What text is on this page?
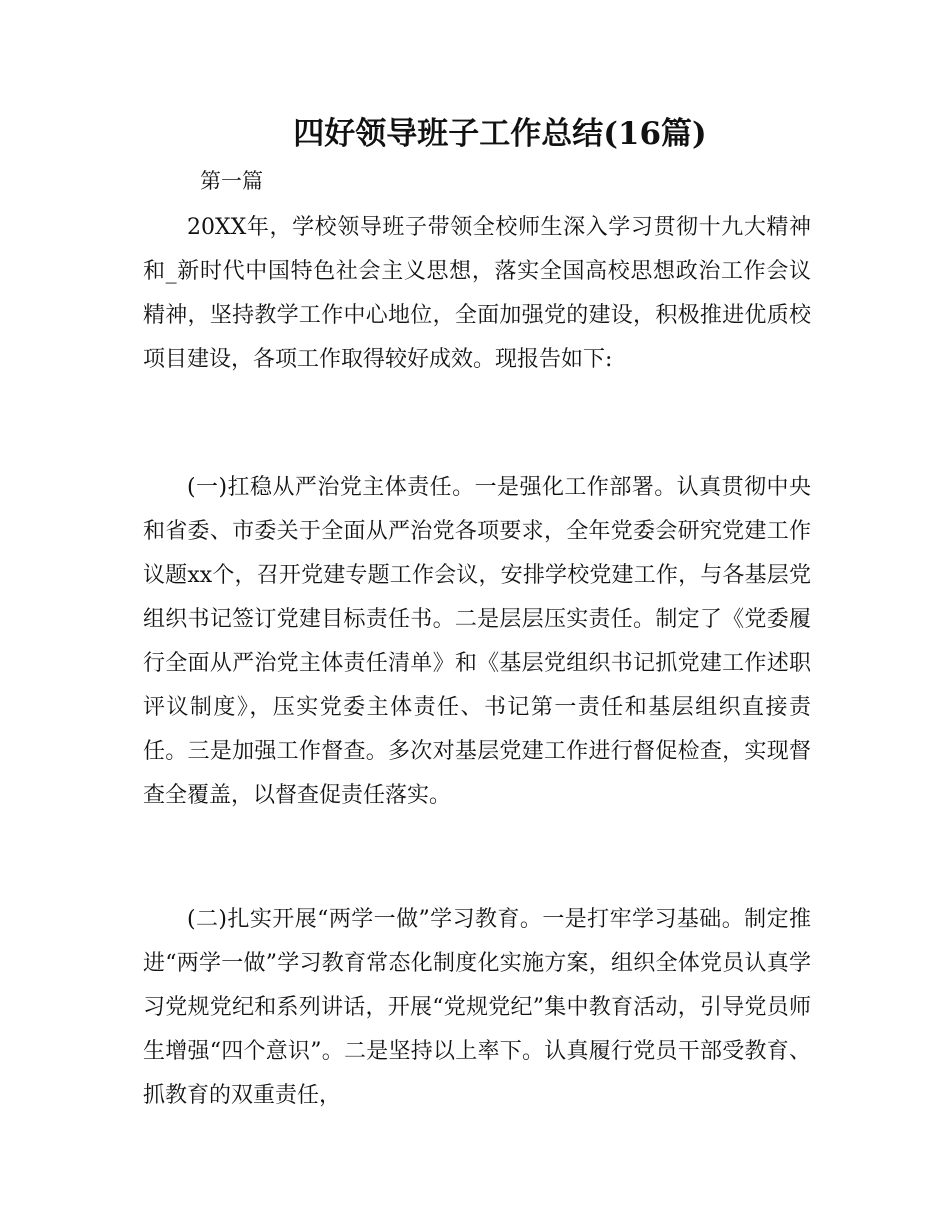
四好领导班子工作总结(16篇)

第一篇

20XX年，学校领导班子带领全校师生深入学习贯彻十九大精神和_新时代中国特色社会主义思想，落实全国高校思想政治工作会议精神，坚持教学工作中心地位，全面加强党的建设，积极推进优质校项目建设，各项工作取得较好成效。现报告如下:

(一)扛稳从严治党主体责任。一是强化工作部署。认真贯彻中央和省委、市委关于全面从严治党各项要求，全年党委会研究党建工作议题xx个，召开党建专题工作会议，安排学校党建工作，与各基层党组织书记签订党建目标责任书。二是层层压实责任。制定了《党委履行全面从严治党主体责任清单》和《基层党组织书记抓党建工作述职评议制度》，压实党委主体责任、书记第一责任和基层组织直接责任。三是加强工作督查。多次对基层党建工作进行督促检查，实现督查全覆盖，以督查促责任落实。

(二)扎实开展“两学一做”学习教育。一是打牢学习基础。制定推进“两学一做”学习教育常态化制度化实施方案，组织全体党员认真学习党规党纪和系列讲话，开展“党规党纪”集中教育活动，引导党员师生增强“四个意识”。二是坚持以上率下。认真履行党员干部受教育、抓教育的双重责任，
